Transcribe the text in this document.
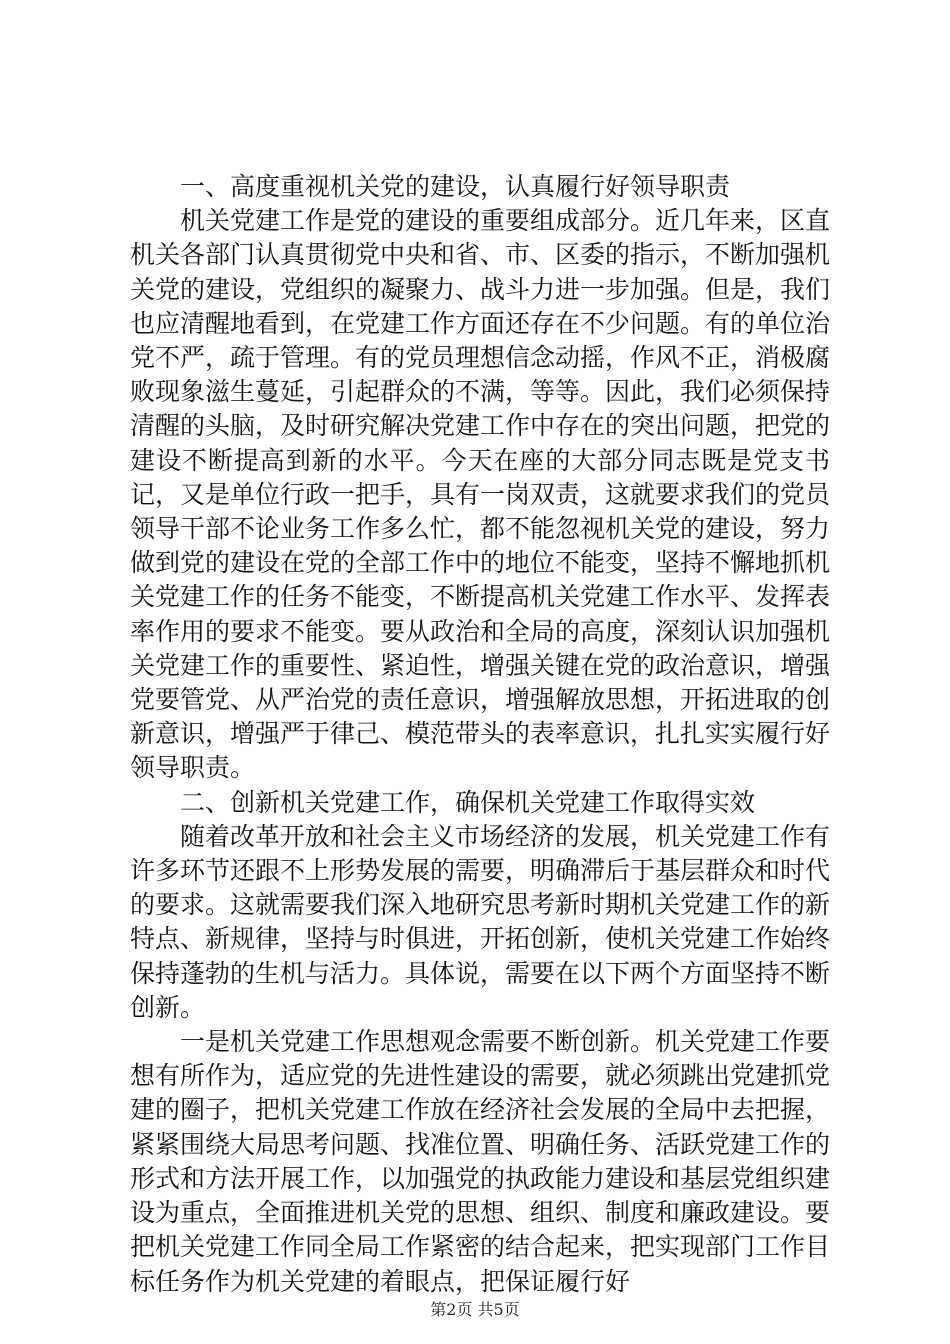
一、高度重视机关党的建设，认真履行好领导职责

机关党建工作是党的建设的重要组成部分。近几年来，区直机关各部门认真贯彻党中央和省、市、区委的指示，不断加强机关党的建设，党组织的凝聚力、战斗力进一步加强。但是，我们也应清醒地看到，在党建工作方面还存在不少问题。有的单位治党不严，疏于管理。有的党员理想信念动摇，作风不正，消极腐败现象滋生蔓延，引起群众的不满，等等。因此，我们必须保持清醒的头脑，及时研究解决党建工作中存在的突出问题，把党的建设不断提高到新的水平。今天在座的大部分同志既是党支书记，又是单位行政一把手，具有一岗双责，这就要求我们的党员领导干部不论业务工作多么忙，都不能忽视机关党的建设，努力做到党的建设在党的全部工作中的地位不能变，坚持不懈地抓机关党建工作的任务不能变，不断提高机关党建工作水平、发挥表率作用的要求不能变。要从政治和全局的高度，深刻认识加强机关党建工作的重要性、紧迫性，增强关键在党的政治意识，增强党要管党、从严治党的责任意识，增强解放思想，开拓进取的创新意识，增强严于律己、模范带头的表率意识，扎扎实实履行好领导职责。

二、创新机关党建工作，确保机关党建工作取得实效

随着改革开放和社会主义市场经济的发展，机关党建工作有许多环节还跟不上形势发展的需要，明确滞后于基层群众和时代的要求。这就需要我们深入地研究思考新时期机关党建工作的新特点、新规律，坚持与时俱进，开拓创新，使机关党建工作始终保持蓬勃的生机与活力。具体说，需要在以下两个方面坚持不断创新。

一是机关党建工作思想观念需要不断创新。机关党建工作要想有所作为，适应党的先进性建设的需要，就必须跳出党建抓党建的圈子，把机关党建工作放在经济社会发展的全局中去把握，紧紧围绕大局思考问题、找准位置、明确任务、活跃党建工作的形式和方法开展工作，以加强党的执政能力建设和基层党组织建设为重点，全面推进机关党的思想、组织、制度和廉政建设。要把机关党建工作同全局工作紧密的结合起来，把实现部门工作目标任务作为机关党建的着眼点，把保证履行好

第2页 共5页
